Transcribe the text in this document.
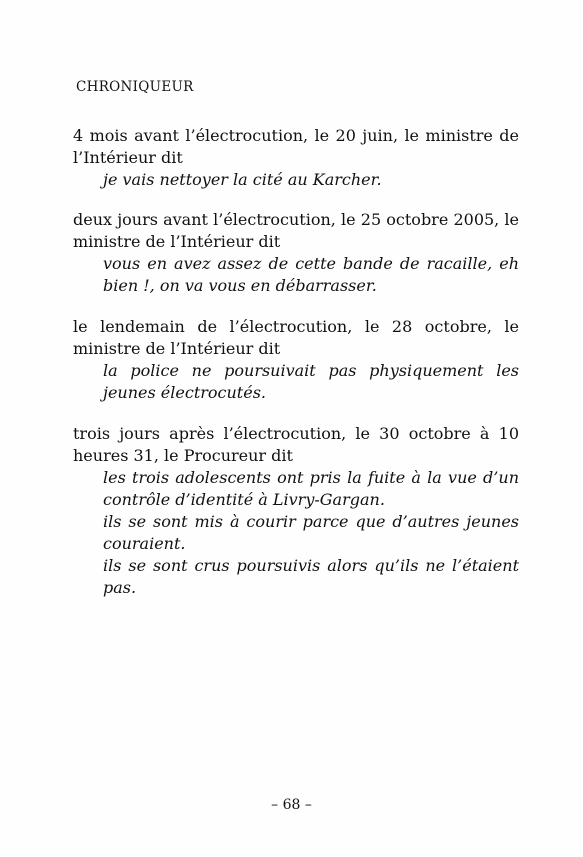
CHRONIQUEUR
4 mois avant l’électrocution, le 20 juin, le ministre de l’Intérieur dit

je vais nettoyer la cité au Karcher.

deux jours avant l’électrocution, le 25 octobre 2005, le ministre de l’Intérieur dit

vous en avez assez de cette bande de racaille, eh bien !, on va vous en débarrasser.

le lendemain de l’électrocution, le 28 octobre, le ministre de l’Intérieur dit

la police ne poursuivait pas physiquement les jeunes électrocutés.

trois jours après l’électrocution, le 30 octobre à 10 heures 31, le Procureur dit

les trois adolescents ont pris la fuite à la vue d’un contrôle d’identité à Livry-Gargan.

ils se sont mis à courir parce que d’autres jeunes couraient.

ils se sont crus poursuivis alors qu’ils ne l’étaient pas.

– 68 –
